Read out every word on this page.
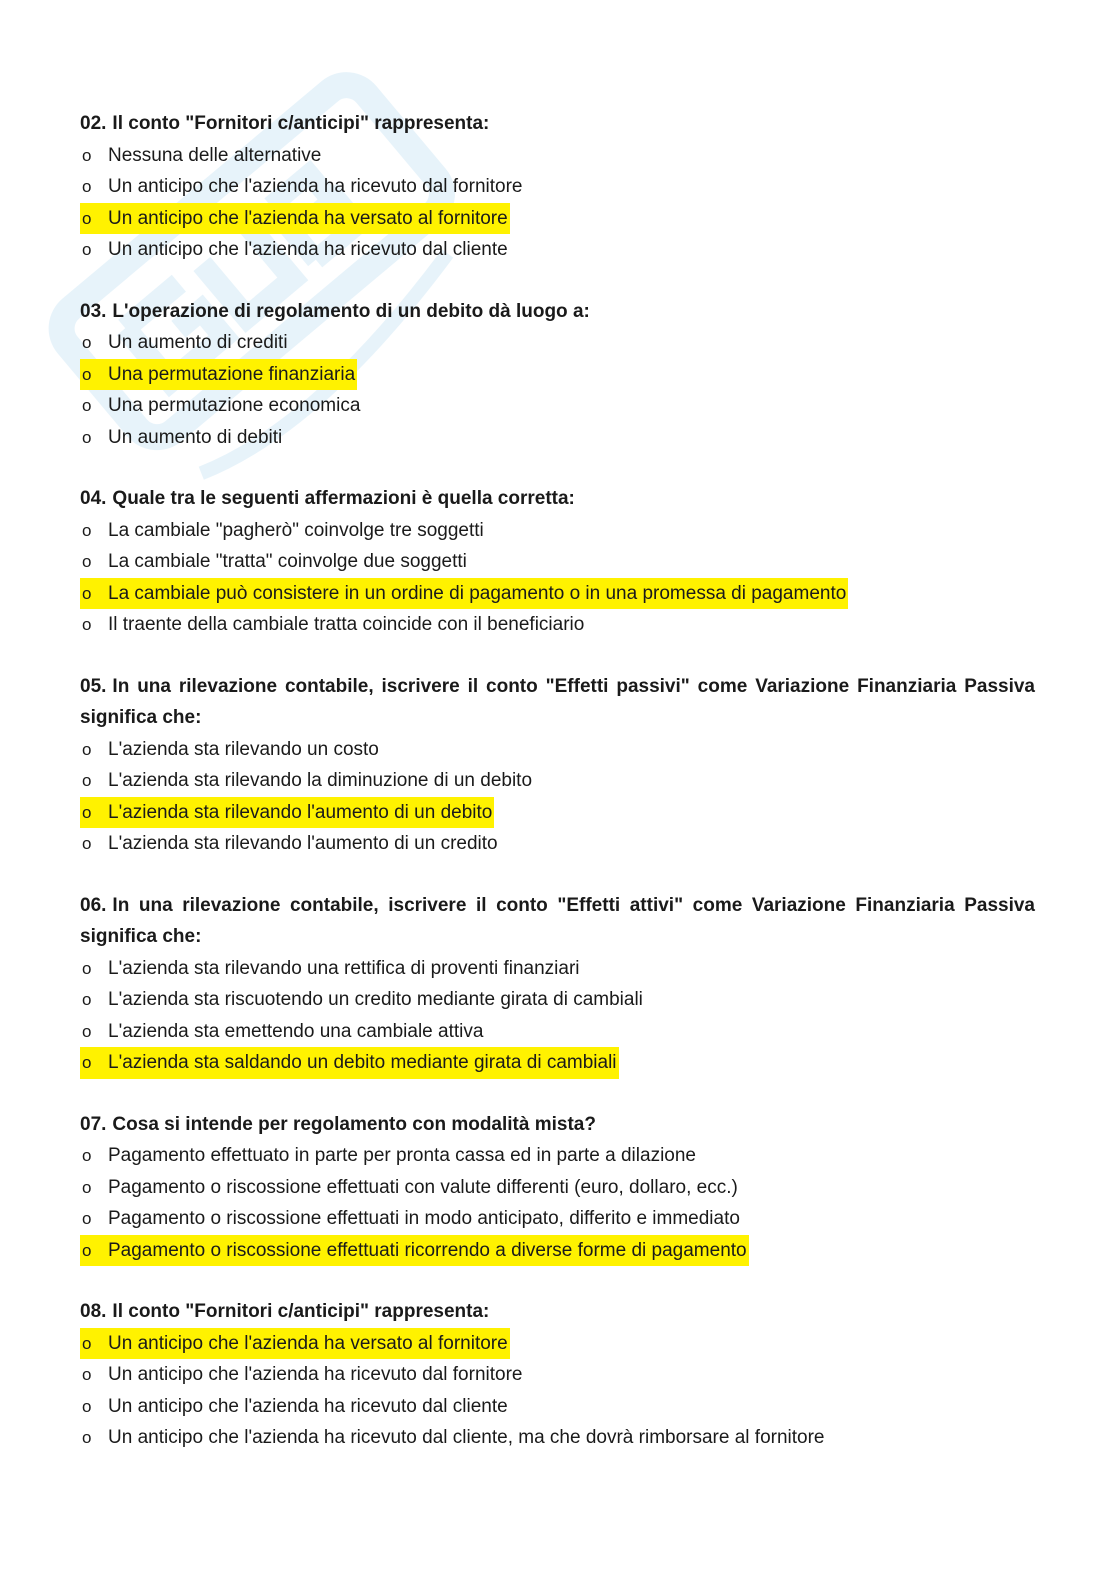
02. Il conto "Fornitori c/anticipi" rappresenta:
o Nessuna delle alternative
o Un anticipo che l'azienda ha ricevuto dal fornitore
o Un anticipo che l'azienda ha versato al fornitore
o Un anticipo che l'azienda ha ricevuto dal cliente
03. L'operazione di regolamento di un debito dà luogo a:
o Un aumento di crediti
o Una permutazione finanziaria
o Una permutazione economica
o Un aumento di debiti
04. Quale tra le seguenti affermazioni è quella corretta:
o La cambiale "pagherò" coinvolge tre soggetti
o La cambiale "tratta" coinvolge due soggetti
o La cambiale può consistere in un ordine di pagamento o in una promessa di pagamento
o Il traente della cambiale tratta coincide con il beneficiario
05. In una rilevazione contabile, iscrivere il conto "Effetti passivi" come Variazione Finanziaria Passiva significa che:
o L'azienda sta rilevando un costo
o L'azienda sta rilevando la diminuzione di un debito
o L'azienda sta rilevando l'aumento di un debito
o L'azienda sta rilevando l'aumento di un credito
06. In una rilevazione contabile, iscrivere il conto "Effetti attivi" come Variazione Finanziaria Passiva significa che:
o L'azienda sta rilevando una rettifica di proventi finanziari
o L'azienda sta riscuotendo un credito mediante girata di cambiali
o L'azienda sta emettendo una cambiale attiva
o L'azienda sta saldando un debito mediante girata di cambiali
07. Cosa si intende per regolamento con modalità mista?
o Pagamento effettuato in parte per pronta cassa ed in parte a dilazione
o Pagamento o riscossione effettuati con valute differenti (euro, dollaro, ecc.)
o Pagamento o riscossione effettuati in modo anticipato, differito e immediato
o Pagamento o riscossione effettuati ricorrendo a diverse forme di pagamento
08. Il conto "Fornitori c/anticipi" rappresenta:
o Un anticipo che l'azienda ha versato al fornitore
o Un anticipo che l'azienda ha ricevuto dal fornitore
o Un anticipo che l'azienda ha ricevuto dal cliente
o Un anticipo che l'azienda ha ricevuto dal cliente, ma che dovrà rimborsare al fornitore
